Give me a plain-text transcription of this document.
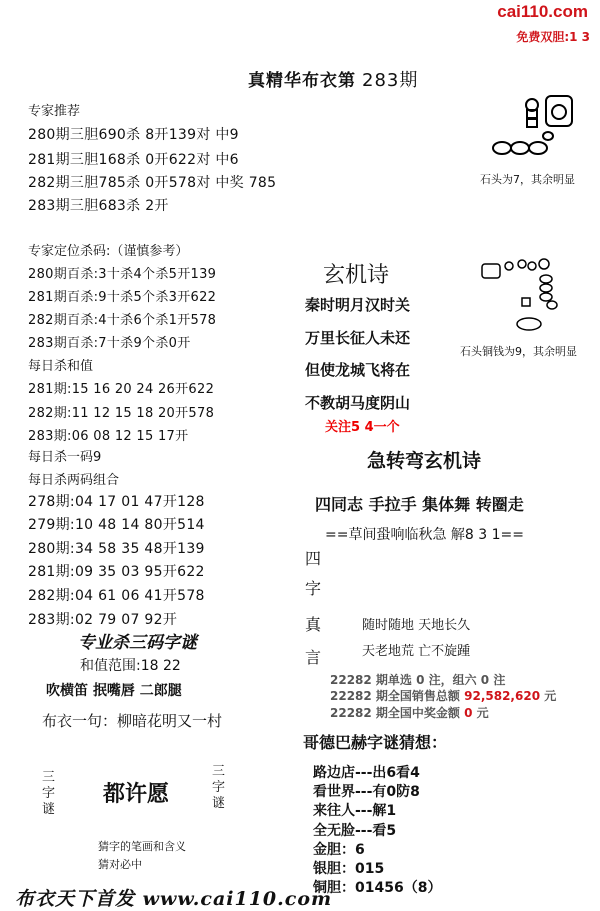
cai110.com
免费双胆:1 3
真精华布衣第 283期
专家推荐
280期三胆690杀 8开139对 中9
281期三胆168杀 0开622对 中6
282期三胆785杀 0开578对 中奖 785
283期三胆683杀 2开
专家定位杀码:（谨慎参考）
280期百杀:3十杀4个杀5开139
281期百杀:9十杀5个杀3开622
282期百杀:4十杀6个杀1开578
283期百杀:7十杀9个杀0开
每日杀和值
281期:15 16 20 24 26开622
282期:11 12 15 18 20开578
283期:06 08 12 15 17开
每日杀一码9
每日杀两码组合
278期:04 17 01 47开128
279期:10 48 14 80开514
280期:34 58 35 48开139
281期:09 35 03 95开622
282期:04 61 06 41开578
283期:02 79 07 92开
专业杀三码字谜
和值范围:18 22
吹横笛 抿嘴唇 二郎腿
布衣一句：柳暗花明又一村
三字谜
都许愿
三字谜
猜字的笔画和含义
猜对必中
布衣天下首发 www.cai110.com
石头为7，其余明显
石头铜钱为9，其余明显
玄机诗
秦时明月汉时关
万里长征人未还
但使龙城飞将在
不教胡马度阴山
关注5 4一个
急转弯玄机诗
四同志 手拉手 集体舞 转圈走
==草间蛩响临秋急 解8 3 1==
四
字
真
言
随时随地 天地长久
天老地荒 亡不旋踵
22282 期单选 0 注，组六 0 注
22282 期全国销售总额 92,582,620 元
22282 期全国中奖金额 0 元
哥德巴赫字谜猜想：
路边店---出6看4
看世界---有0防8
来往人---解1
全无脸---看5
金胆：6
银胆：015
铜胆：01456（8）
